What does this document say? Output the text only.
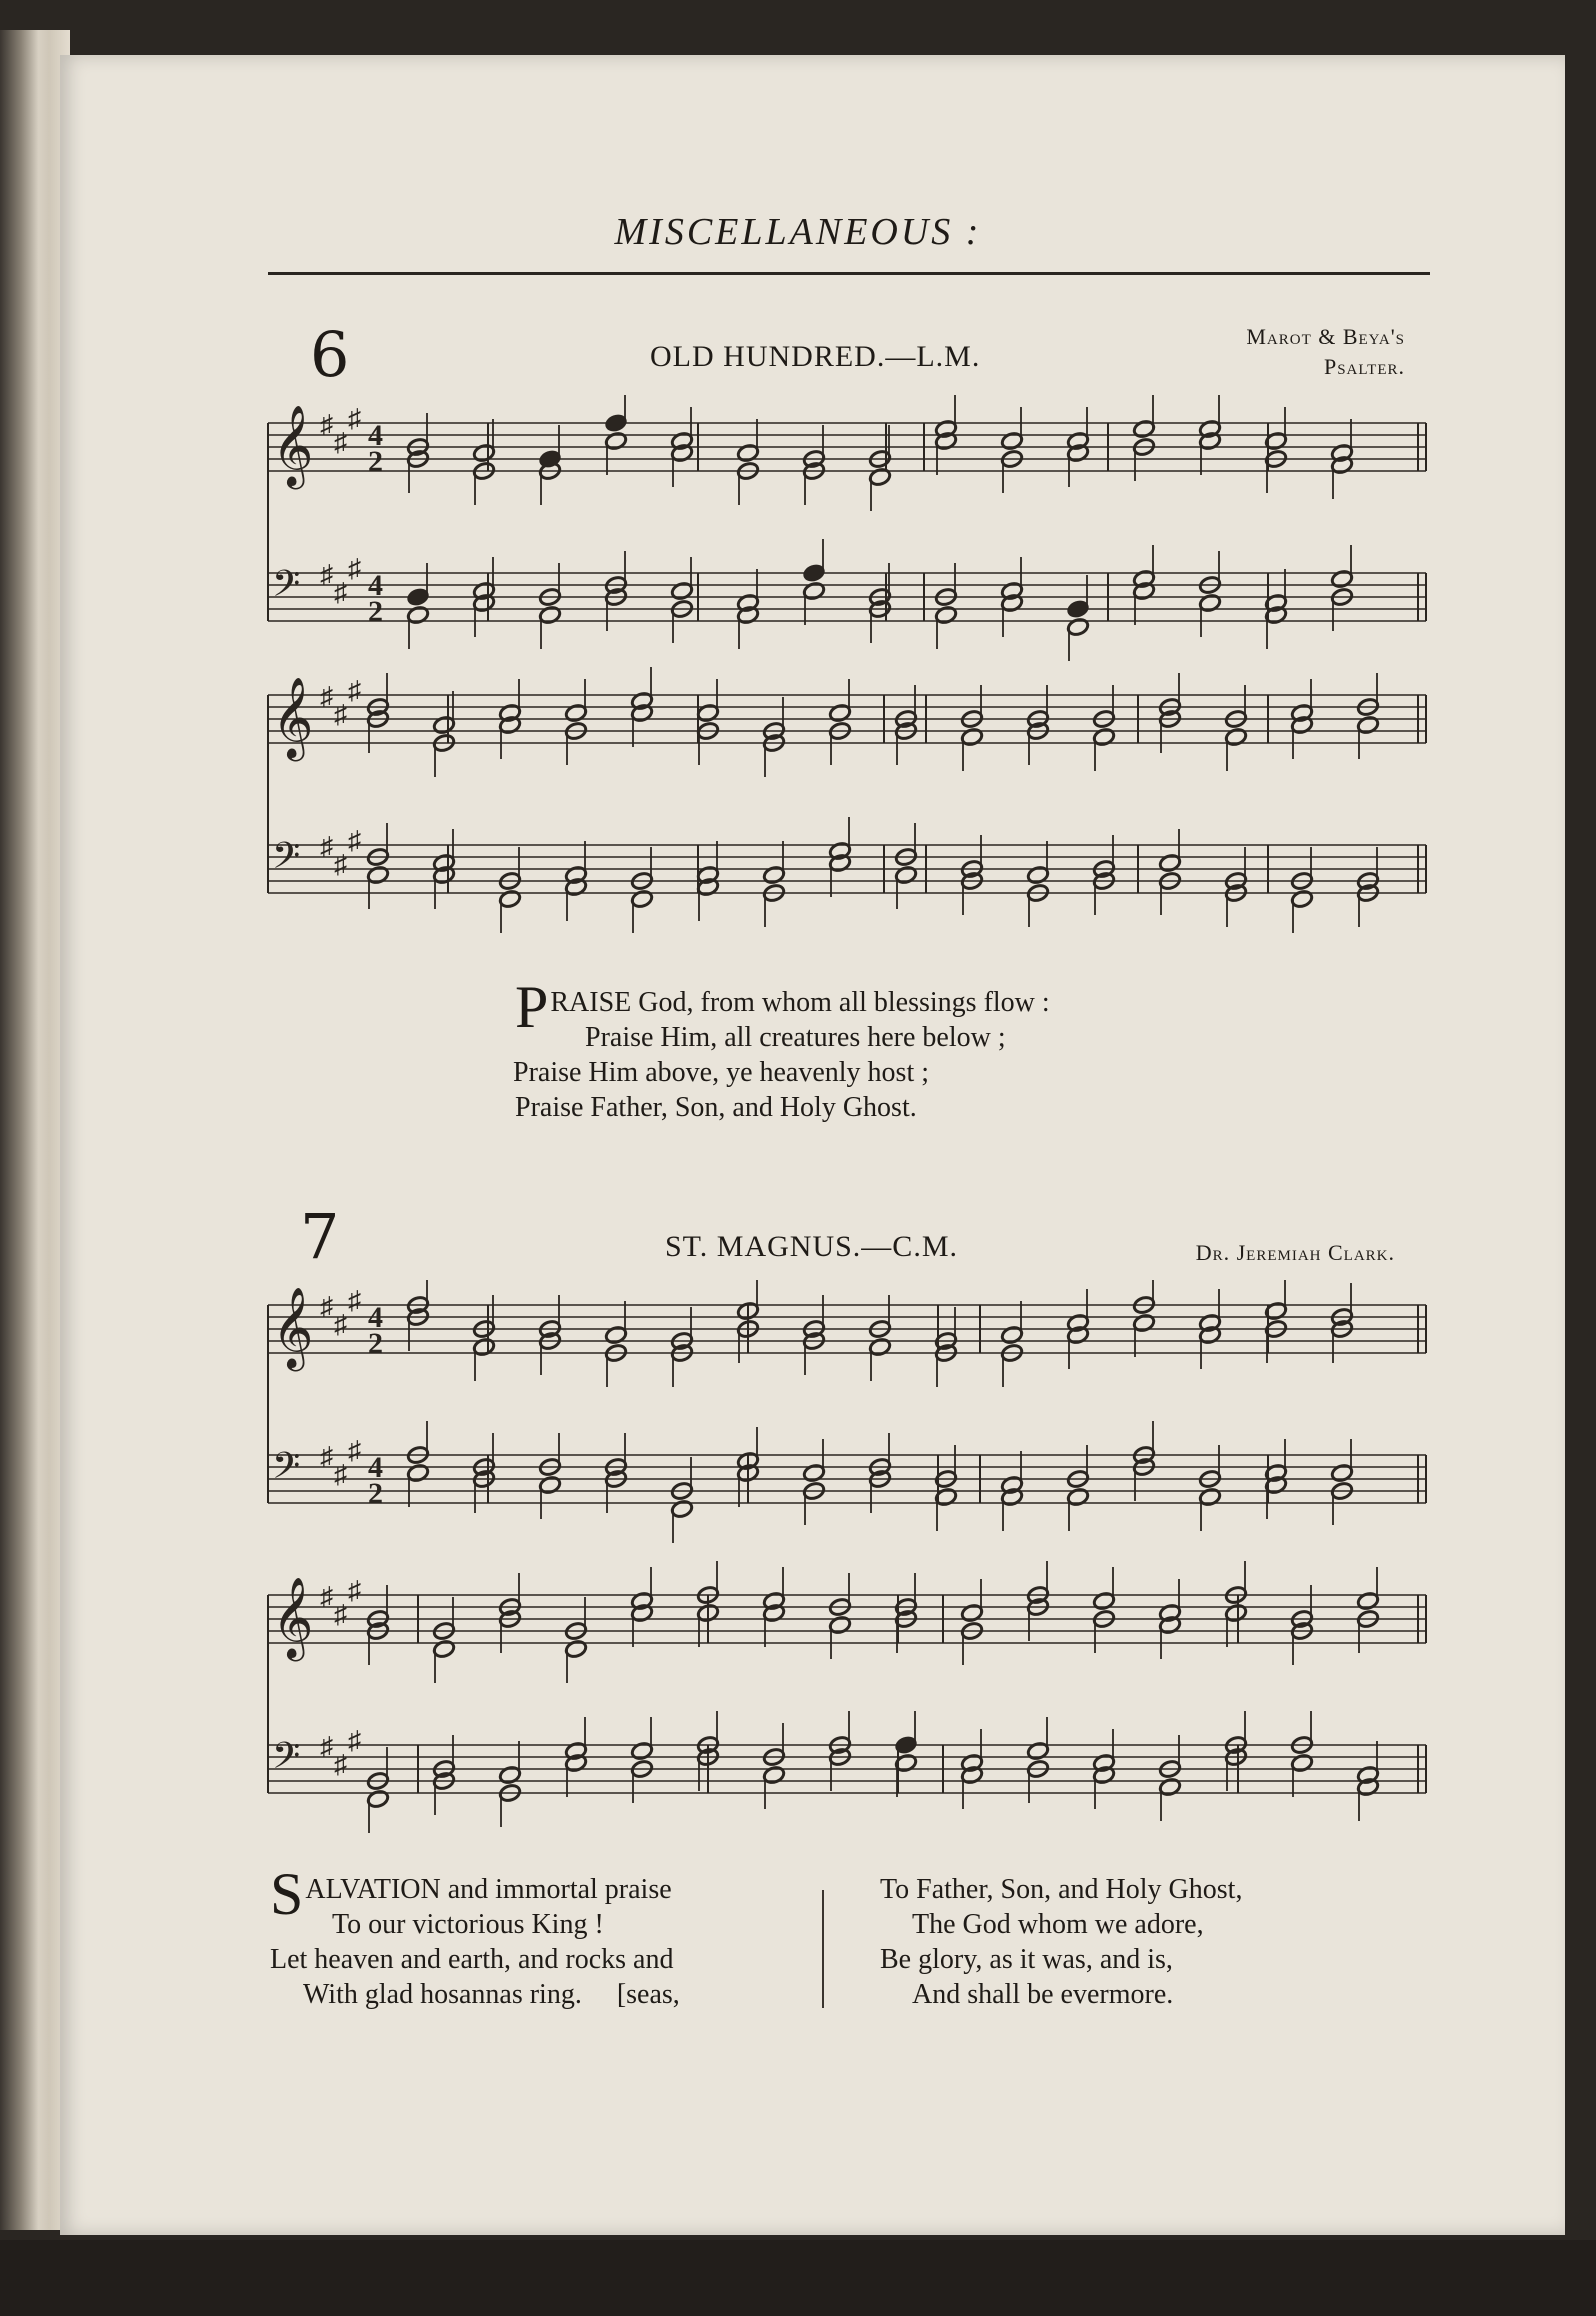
MISCELLANEOUS :
6	OLD HUNDRED.—L.M.
Marot & Beya's
Psalter.
𝄞 ♯
♯
♯
4
2
𝄢 ♯
♯
♯
4
2
𝄞 ♯
♯
♯
𝄢 ♯
♯
♯
P RAISE God, from whom all blessings flow :
Praise Him, all creatures here below ;
Praise Him above, ye heavenly host ;
Praise Father, Son, and Holy Ghost.
7	ST. MAGNUS.—C.M.	Dr. Jeremiah Clark.
𝄞 ♯
♯
♯
4
2
𝄢 ♯
♯
♯
4
2
𝄞 ♯
♯
♯
𝄢 ♯
♯
♯
S ALVATION and immortal praise
To our victorious King !
Let heaven and earth, and rocks and
With glad hosannas ring.     [seas,
To Father, Son, and Holy Ghost,
The God whom we adore,
Be glory, as it was, and is,
And shall be evermore.
